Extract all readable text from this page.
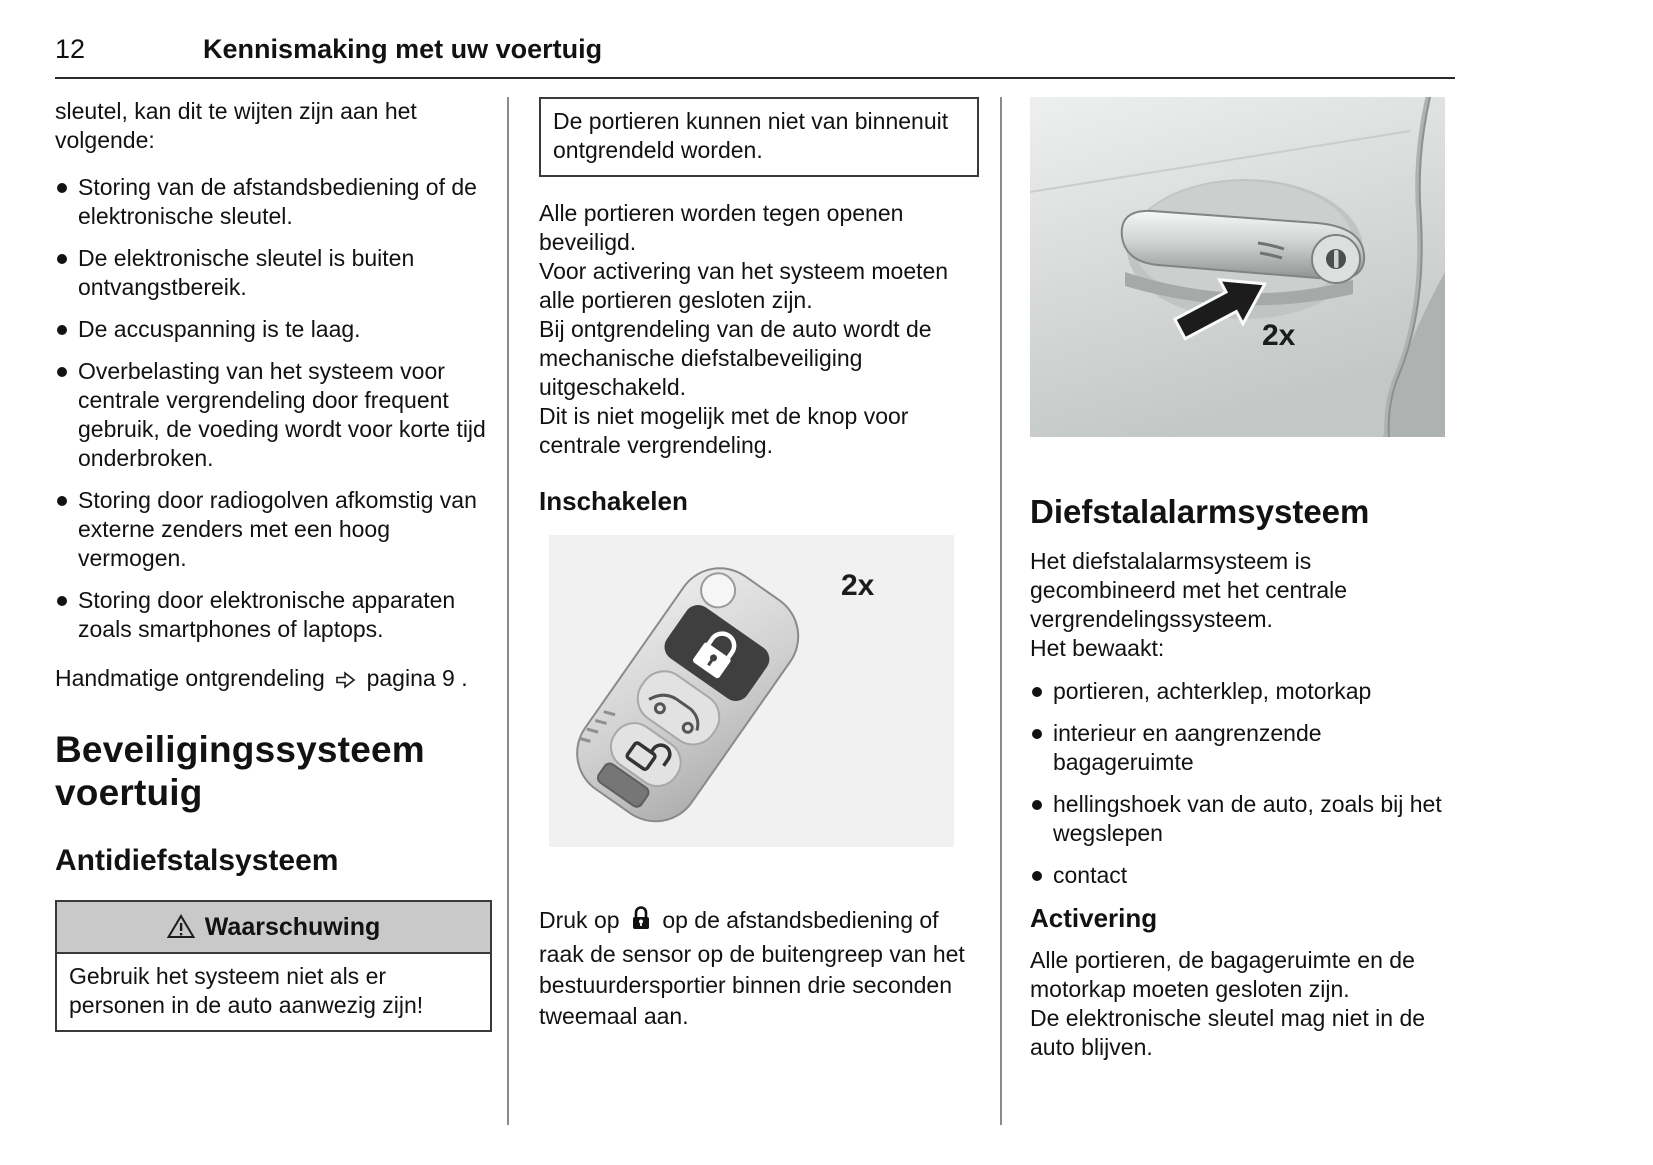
12	Kennismaking met uw voertuig

sleutel, kan dit te wijten zijn aan het volgende:

Storing van de afstandsbediening of de elektronische sleutel.
De elektronische sleutel is buiten ontvangstbereik.
De accuspanning is te laag.
Overbelasting van het systeem voor centrale vergrendeling door frequent gebruik, de voeding wordt voor korte tijd onderbroken.
Storing door radiogolven afkomstig van externe zenders met een hoog vermogen.
Storing door elektronische apparaten zoals smartphones of laptops.

Handmatige ontgrendeling pagina 9 .

Beveiligingssysteem voertuig
Antidiefstalsysteem
Waarschuwing
Gebruik het systeem niet als er personen in de auto aanwezig zijn!
De portieren kunnen niet van binnenuit ontgrendeld worden.

Alle portieren worden tegen openen beveiligd.

Voor activering van het systeem moeten alle portieren gesloten zijn.

Bij ontgrendeling van de auto wordt de mechanische diefstalbeveiliging uitgeschakeld.

Dit is niet mogelijk met de knop voor centrale vergrendeling.

Inschakelen
2x

Druk op op de afstandsbediening of raak de sensor op de buitengreep van het bestuurdersportier binnen drie seconden tweemaal aan.

2x
Diefstalalarmsysteem

Het diefstalalarmsysteem is gecombineerd met het centrale vergrendelingssysteem.

Het bewaakt:

portieren, achterklep, motorkap
interieur en aangrenzende bagageruimte
hellingshoek van de auto, zoals bij het wegslepen
contact
Activering

Alle portieren, de bagageruimte en de motorkap moeten gesloten zijn.

De elektronische sleutel mag niet in de auto blijven.
